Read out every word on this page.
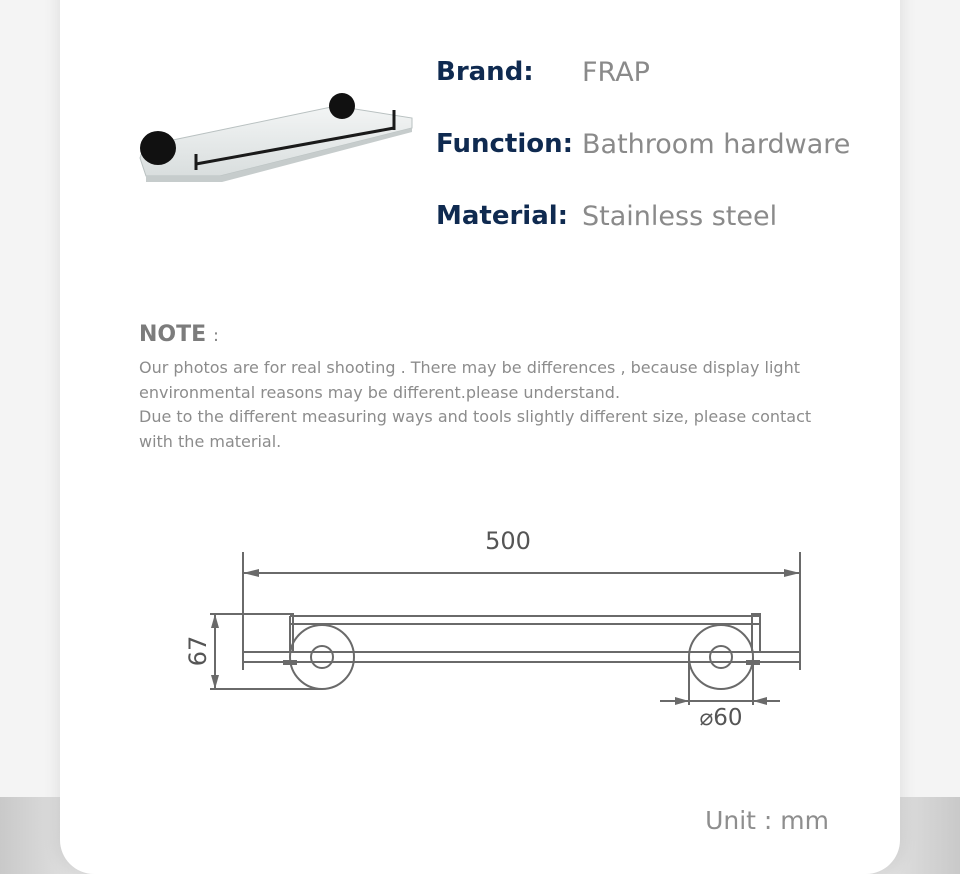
Brand:	FRAP
Function: Bathroom hardware
Material: Stainless steel
NOTE :

Our photos are for real shooting . There may be differences , because display light environmental reasons may be different.please understand.

Due to the different measuring ways and tools slightly different size, please contact with the material.

500
67
⌀60
Unit : mm
